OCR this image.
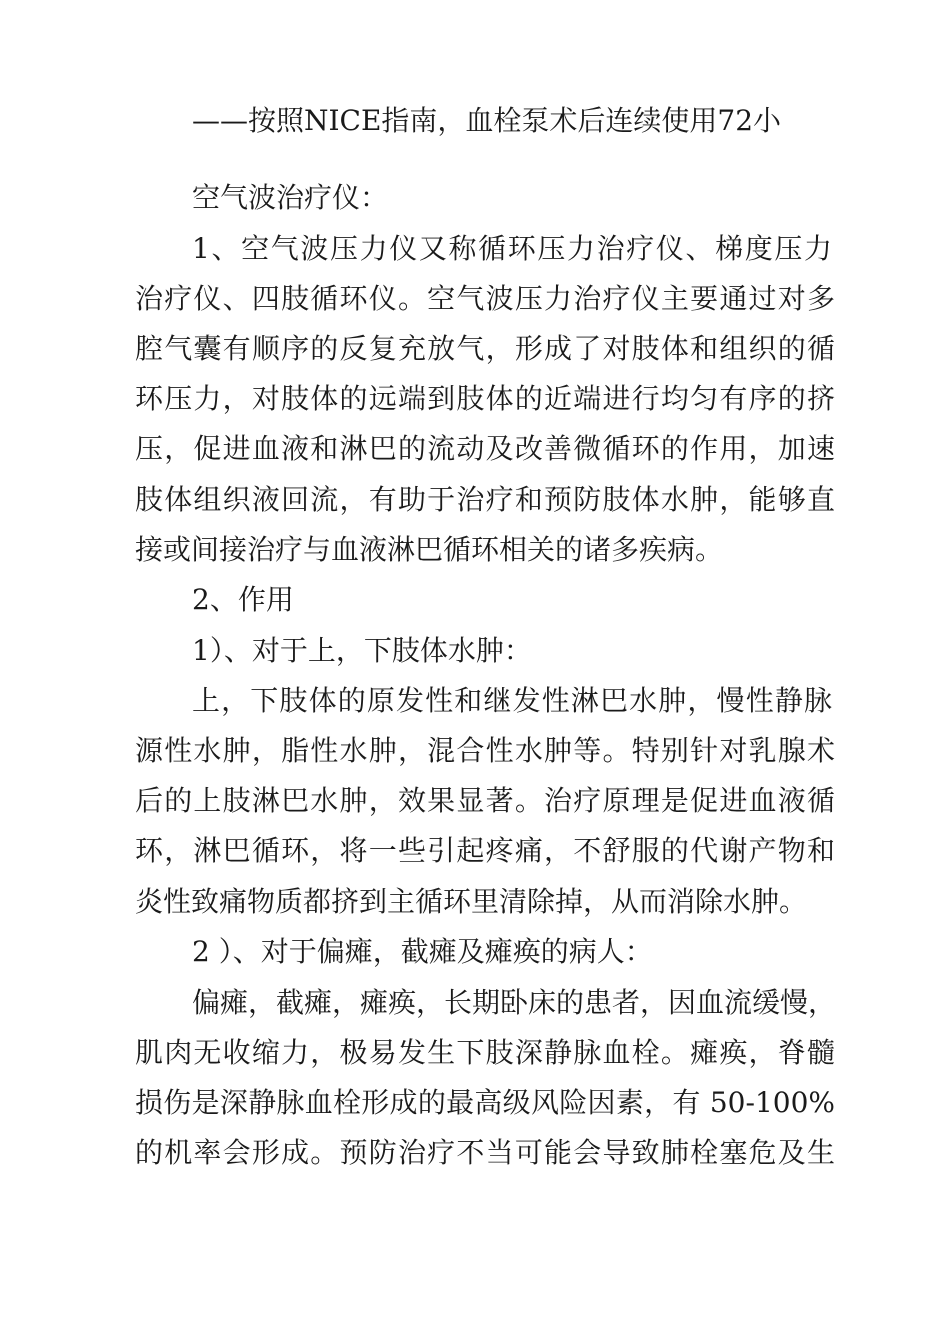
——按照NICE指南，血栓泵术后连续使用72小
空气波治疗仪：
1、空气波压力仪又称循环压力治疗仪、梯度压力
治疗仪、四肢循环仪。空气波压力治疗仪主要通过对多
腔气囊有顺序的反复充放气，形成了对肢体和组织的循
环压力，对肢体的远端到肢体的近端进行均匀有序的挤
压，促进血液和淋巴的流动及改善微循环的作用，加速
肢体组织液回流，有助于治疗和预防肢体水肿，能够直
接或间接治疗与血液淋巴循环相关的诸多疾病。
2、作用
1）、对于上，下肢体水肿：
上，下肢体的原发性和继发性淋巴水肿，慢性静脉
源性水肿，脂性水肿，混合性水肿等。特别针对乳腺术
后的上肢淋巴水肿，效果显著。治疗原理是促进血液循
环，淋巴循环，将一些引起疼痛，不舒服的代谢产物和
炎性致痛物质都挤到主循环里清除掉，从而消除水肿。
2 ）、对于偏瘫，截瘫及瘫痪的病人：
偏瘫，截瘫，瘫痪，长期卧床的患者，因血流缓慢，
肌肉无收缩力，极易发生下肢深静脉血栓。瘫痪，脊髓
损伤是深静脉血栓形成的最高级风险因素，有 50-100%
的机率会形成。预防治疗不当可能会导致肺栓塞危及生
